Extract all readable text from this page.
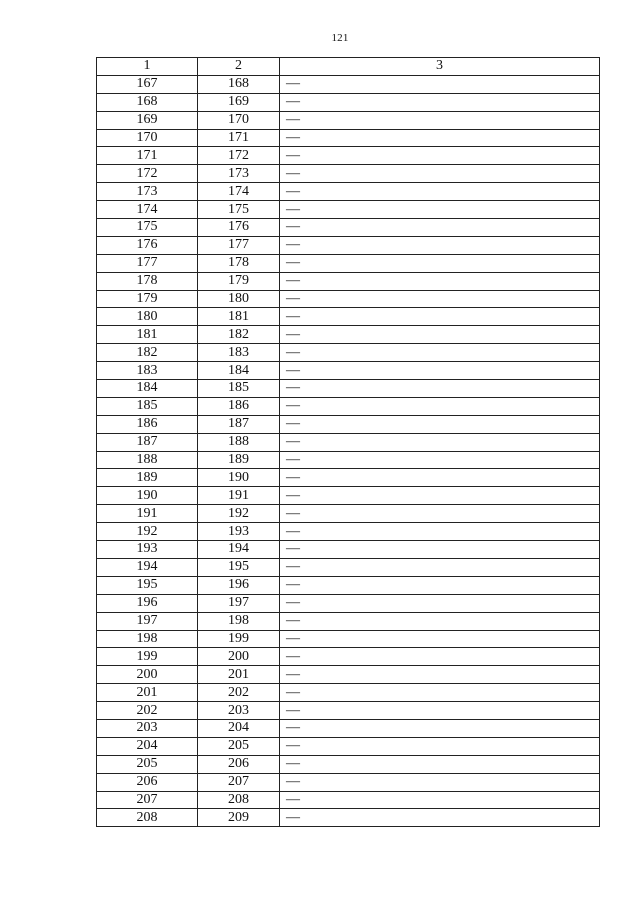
121
1	2	3
167	168	—
168	169	—
169	170	—
170	171	—
171	172	—
172	173	—
173	174	—
174	175	—
175	176	—
176	177	—
177	178	—
178	179	—
179	180	—
180	181	—
181	182	—
182	183	—
183	184	—
184	185	—
185	186	—
186	187	—
187	188	—
188	189	—
189	190	—
190	191	—
191	192	—
192	193	—
193	194	—
194	195	—
195	196	—
196	197	—
197	198	—
198	199	—
199	200	—
200	201	—
201	202	—
202	203	—
203	204	—
204	205	—
205	206	—
206	207	—
207	208	—
208	209	—
